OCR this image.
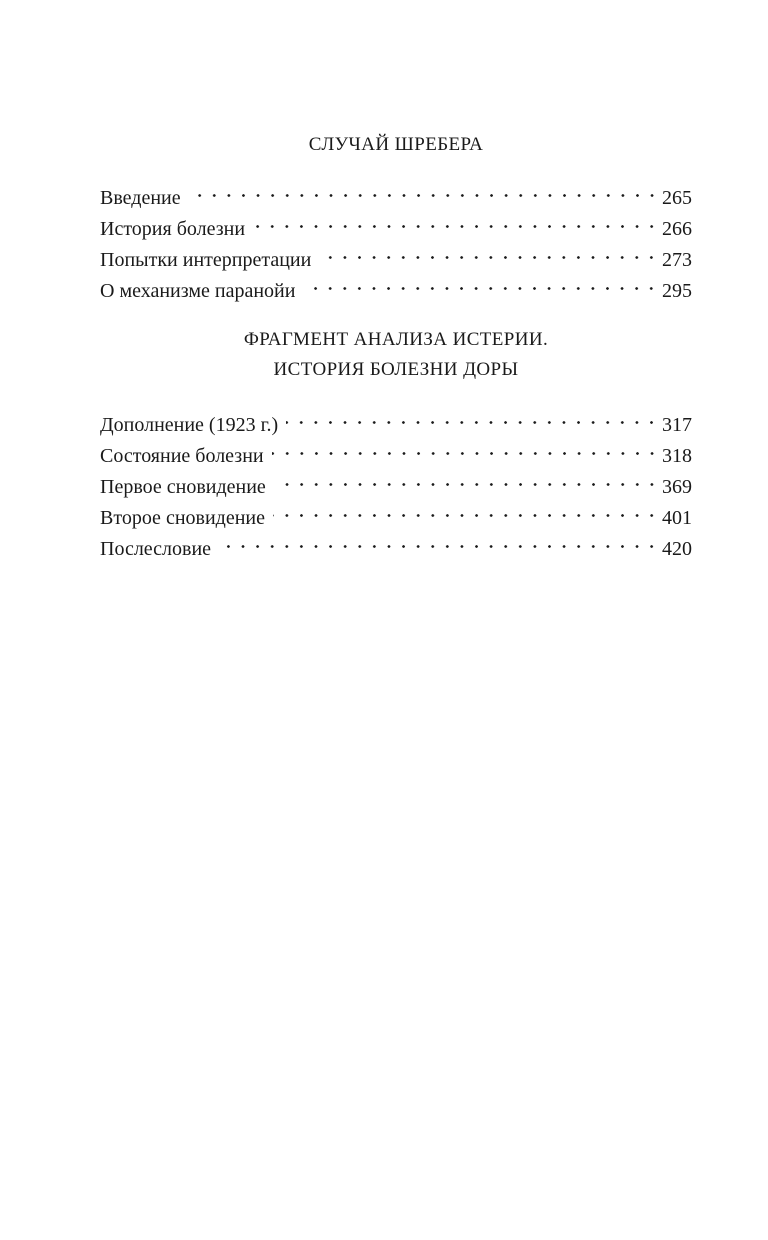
СЛУЧАЙ ШРЕБЕРА
Введение	265
История болезни	266
Попытки интерпретации	273
О механизме паранойи	295
ФРАГМЕНТ АНАЛИЗА ИСТЕРИИ.
ИСТОРИЯ БОЛЕЗНИ ДОРЫ
Дополнение (1923 г.)	317
Состояние болезни	318
Первое сновидение	369
Второе сновидение	401
Послесловие	420
